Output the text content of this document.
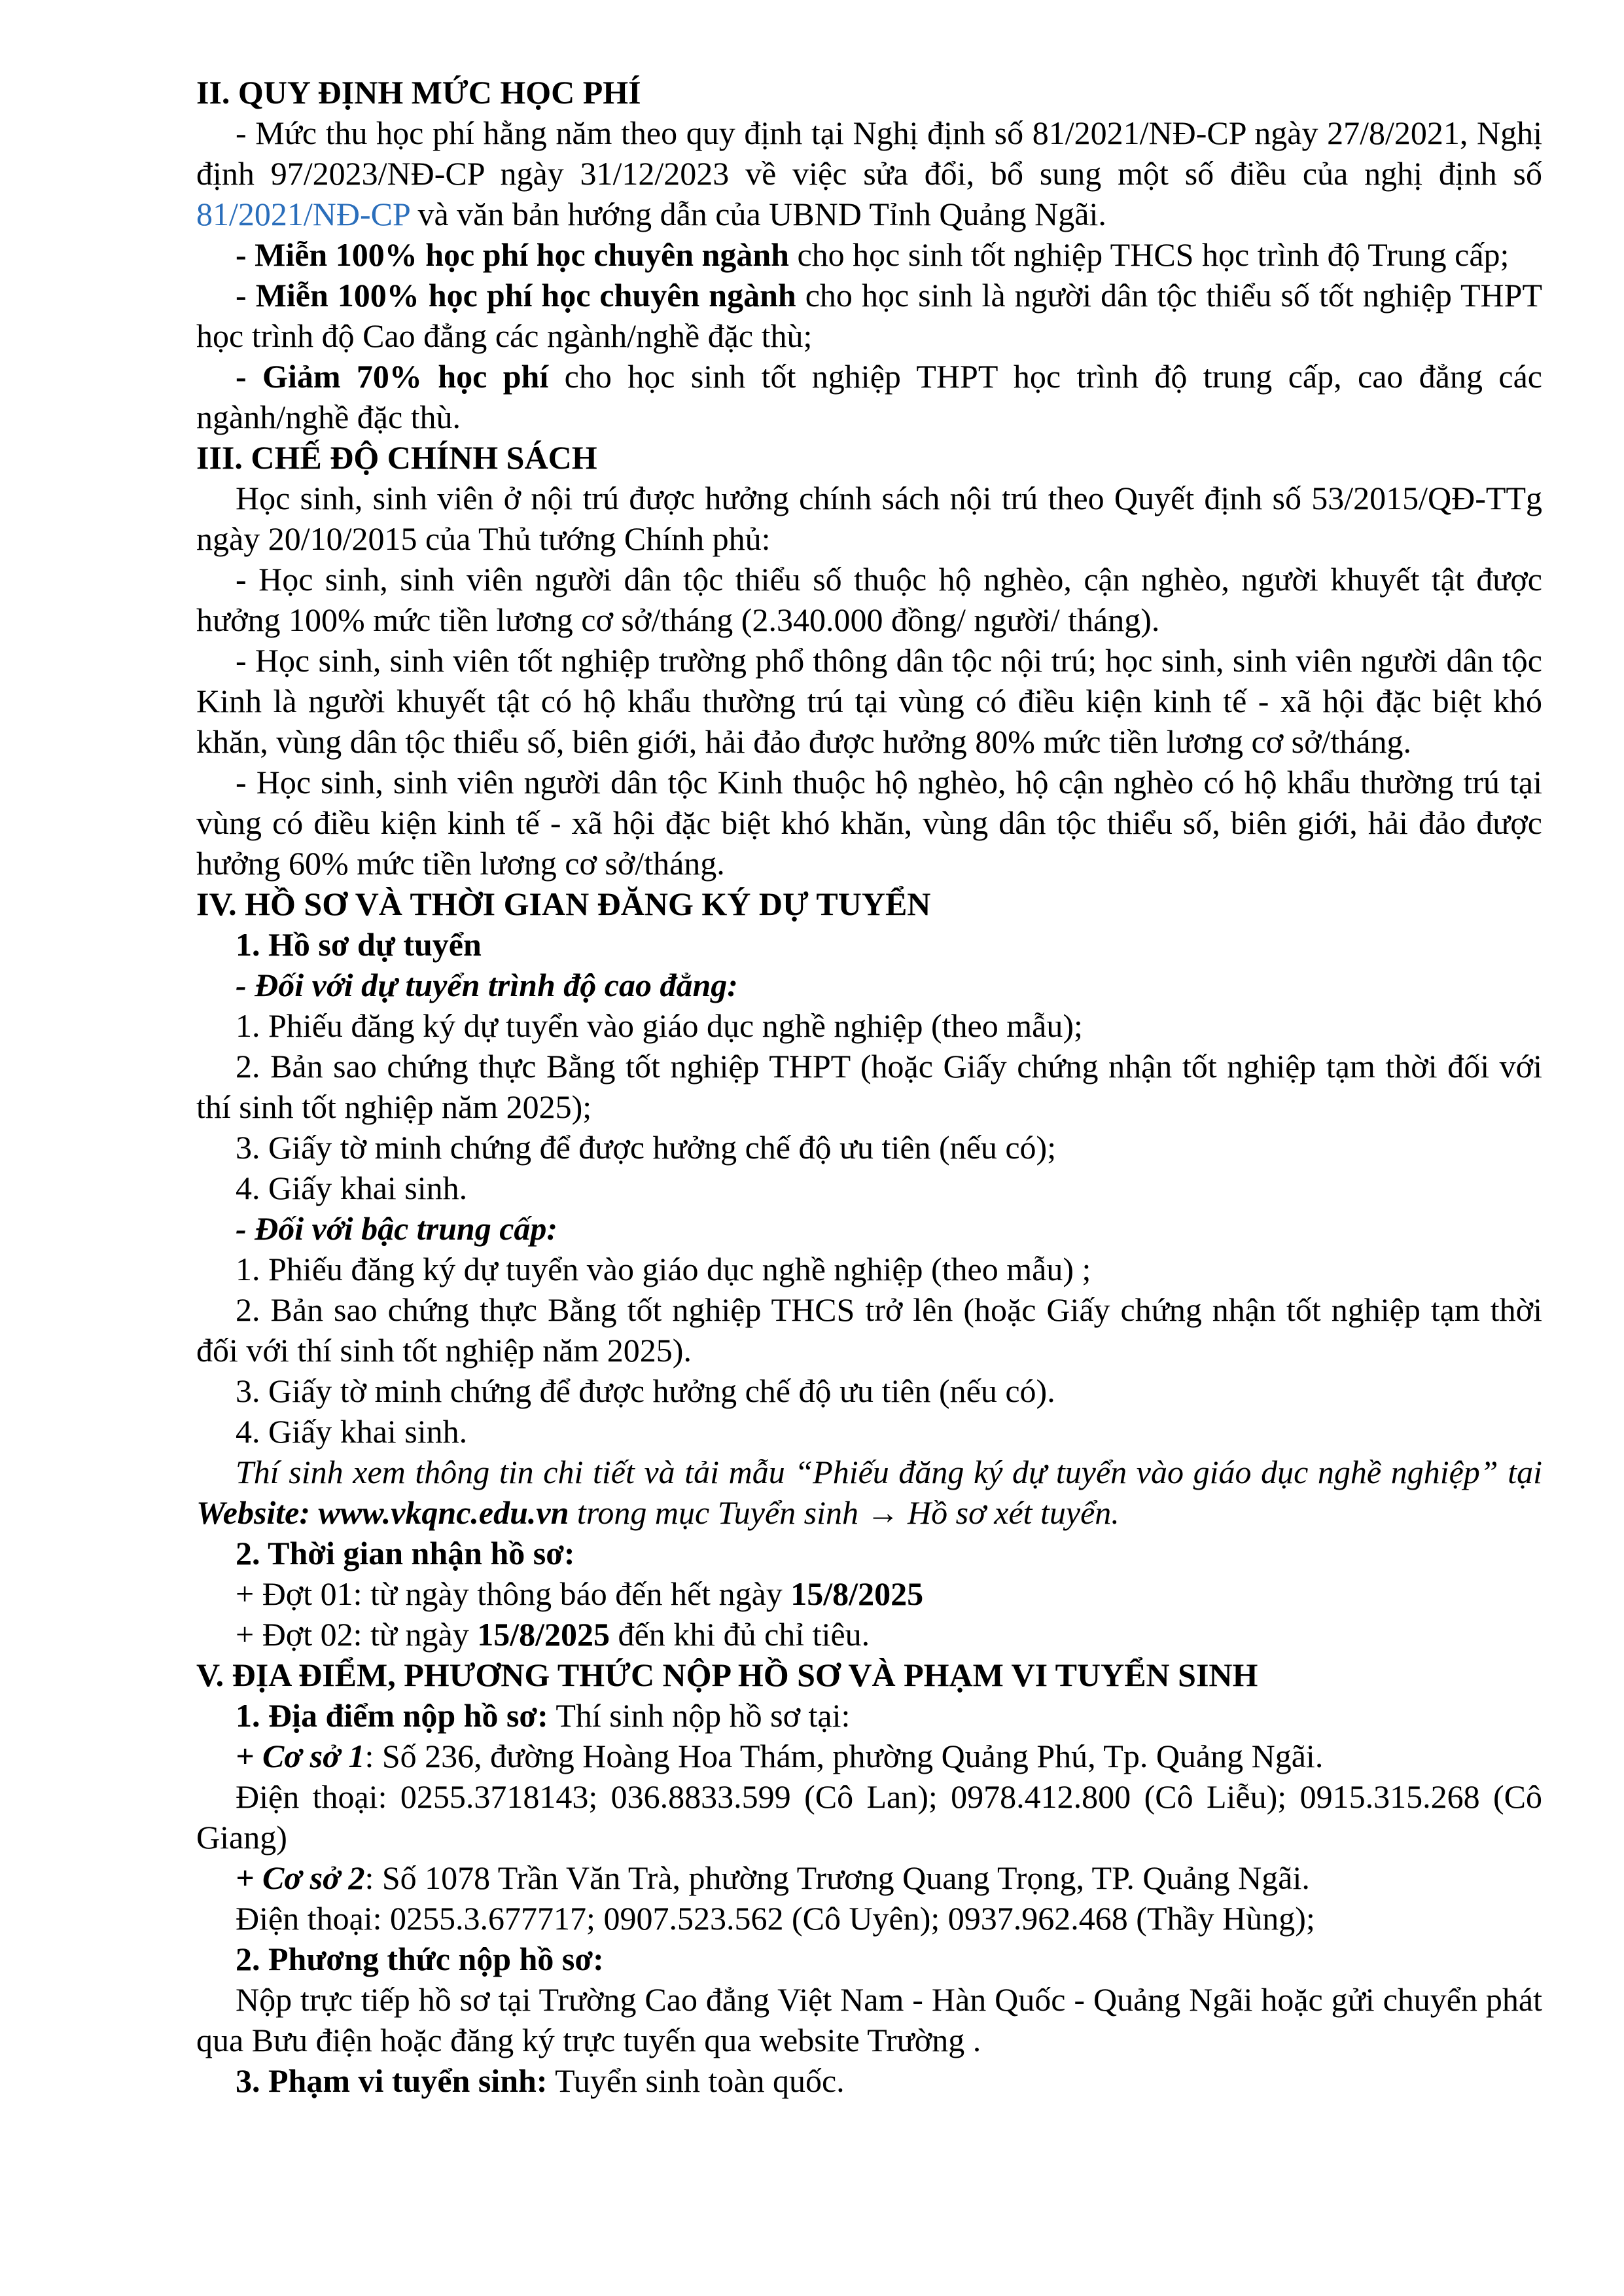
II. QUY ĐỊNH MỨC HỌC PHÍ

- Mức thu học phí hằng năm theo quy định tại Nghị định số 81/2021/NĐ-CP ngày 27/8/2021, Nghị định 97/2023/NĐ-CP ngày 31/12/2023 về việc sửa đổi, bổ sung một số điều của nghị định số 81/2021/NĐ-CP và văn bản hướng dẫn của UBND Tỉnh Quảng Ngãi.

- Miễn 100% học phí học chuyên ngành cho học sinh tốt nghiệp THCS học trình độ Trung cấp;

- Miễn 100% học phí học chuyên ngành cho học sinh là người dân tộc thiểu số tốt nghiệp THPT học trình độ Cao đẳng các ngành/nghề đặc thù;

- Giảm 70% học phí cho học sinh tốt nghiệp THPT học trình độ trung cấp, cao đẳng các ngành/nghề đặc thù.

III. CHẾ ĐỘ CHÍNH SÁCH

Học sinh, sinh viên ở nội trú được hưởng chính sách nội trú theo Quyết định số 53/2015/QĐ-TTg ngày 20/10/2015 của Thủ tướng Chính phủ:

- Học sinh, sinh viên người dân tộc thiểu số thuộc hộ nghèo, cận nghèo, người khuyết tật được hưởng 100% mức tiền lương cơ sở/tháng (2.340.000 đồng/ người/ tháng).

- Học sinh, sinh viên tốt nghiệp trường phổ thông dân tộc nội trú; học sinh, sinh viên người dân tộc Kinh là người khuyết tật có hộ khẩu thường trú tại vùng có điều kiện kinh tế - xã hội đặc biệt khó khăn, vùng dân tộc thiểu số, biên giới, hải đảo được hưởng 80% mức tiền lương cơ sở/tháng.

- Học sinh, sinh viên người dân tộc Kinh thuộc hộ nghèo, hộ cận nghèo có hộ khẩu thường trú tại vùng có điều kiện kinh tế - xã hội đặc biệt khó khăn, vùng dân tộc thiểu số, biên giới, hải đảo được hưởng 60% mức tiền lương cơ sở/tháng.

IV. HỒ SƠ VÀ THỜI GIAN ĐĂNG KÝ DỰ TUYỂN

1. Hồ sơ dự tuyển

- Đối với dự tuyển trình độ cao đẳng:

1. Phiếu đăng ký dự tuyển vào giáo dục nghề nghiệp (theo mẫu);

2. Bản sao chứng thực Bằng tốt nghiệp THPT (hoặc Giấy chứng nhận tốt nghiệp tạm thời đối với thí sinh tốt nghiệp năm 2025);

3. Giấy tờ minh chứng để được hưởng chế độ ưu tiên (nếu có);

4. Giấy khai sinh.

- Đối với bậc trung cấp:

1. Phiếu đăng ký dự tuyển vào giáo dục nghề nghiệp (theo mẫu) ;

2. Bản sao chứng thực Bằng tốt nghiệp THCS trở lên (hoặc Giấy chứng nhận tốt nghiệp tạm thời đối với thí sinh tốt nghiệp năm 2025).

3. Giấy tờ minh chứng để được hưởng chế độ ưu tiên (nếu có).

4. Giấy khai sinh.

Thí sinh xem thông tin chi tiết và tải mẫu “Phiếu đăng ký dự tuyển vào giáo dục nghề nghiệp” tại Website: www.vkqnc.edu.vn trong mục Tuyển sinh → Hồ sơ xét tuyển.

2. Thời gian nhận hồ sơ:

+ Đợt 01: từ ngày thông báo đến hết ngày 15/8/2025

+ Đợt 02: từ ngày 15/8/2025 đến khi đủ chỉ tiêu.

V. ĐỊA ĐIỂM, PHƯƠNG THỨC NỘP HỒ SƠ VÀ PHẠM VI TUYỂN SINH

1. Địa điểm nộp hồ sơ: Thí sinh nộp hồ sơ tại:

+ Cơ sở 1: Số 236, đường Hoàng Hoa Thám, phường Quảng Phú, Tp. Quảng Ngãi.

Điện thoại: 0255.3718143; 036.8833.599 (Cô Lan); 0978.412.800 (Cô Liễu); 0915.315.268 (Cô Giang)

+ Cơ sở 2: Số 1078 Trần Văn Trà, phường Trương Quang Trọng, TP. Quảng Ngãi.

Điện thoại: 0255.3.677717; 0907.523.562 (Cô Uyên); 0937.962.468 (Thầy Hùng);

2. Phương thức nộp hồ sơ:

Nộp trực tiếp hồ sơ tại Trường Cao đẳng Việt Nam - Hàn Quốc - Quảng Ngãi hoặc gửi chuyển phát qua Bưu điện hoặc đăng ký trực tuyến qua website Trường .

3. Phạm vi tuyển sinh: Tuyển sinh toàn quốc.
